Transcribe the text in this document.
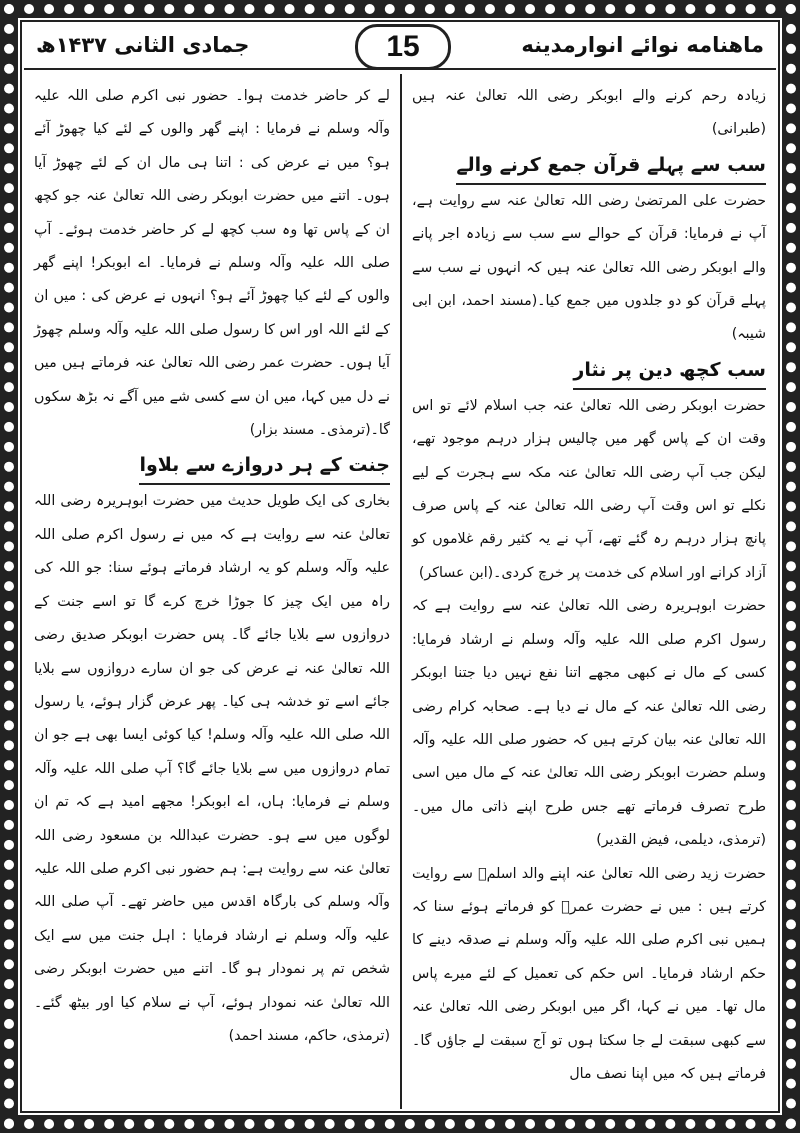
ماهنامه نوائے انوارمدینه
جمادی الثانی ۱۴۳۷ھ	15

زیادہ رحم کرنے والے ابوبکر رضی اللہ تعالیٰ عنہ ہیں (طبرانی)

سب سے پہلے قرآن جمع کرنے والے

حضرت علی المرتضیٰ رضی اللہ تعالیٰ عنہ سے روایت ہے، آپ نے فرمایا: قرآن کے حوالے سے سب سے زیادہ اجر پانے والے ابوبکر رضی اللہ تعالیٰ عنہ ہیں کہ انہوں نے سب سے پہلے قرآن کو دو جلدوں میں جمع کیا۔(مسند احمد، ابن ابی شیبہ)

سب کچھ دین پر نثار

حضرت ابوبکر رضی اللہ تعالیٰ عنہ جب اسلام لائے تو اس وقت ان کے پاس گھر میں چالیس ہزار درہم موجود تھے، لیکن جب آپ رضی اللہ تعالیٰ عنہ مکہ سے ہجرت کے لیے نکلے تو اس وقت آپ رضی اللہ تعالیٰ عنہ کے پاس صرف پانچ ہزار درہم رہ گئے تھے، آپ نے یہ کثیر رقم غلاموں کو آزاد کرانے اور اسلام کی خدمت پر خرچ کردی۔(ابن عساکر)

حضرت ابوہریرہ رضی اللہ تعالیٰ عنہ سے روایت ہے کہ رسول اکرم صلی اللہ علیہ وآلہ وسلم نے ارشاد فرمایا: کسی کے مال نے کبھی مجھے اتنا نفع نہیں دیا جتنا ابوبکر رضی اللہ تعالیٰ عنہ کے مال نے دیا ہے۔ صحابہ کرام رضی اللہ تعالیٰ عنہ بیان کرتے ہیں کہ حضور صلی اللہ علیہ وآلہ وسلم حضرت ابوبکر رضی اللہ تعالیٰ عنہ کے مال میں اسی طرح تصرف فرماتے تھے جس طرح اپنے ذاتی مال میں۔(ترمذی، دیلمی، فیض القدیر)

حضرت زید رضی اللہ تعالیٰ عنہ اپنے والد اسلمؓ سے روایت کرتے ہیں : میں نے حضرت عمرؓ کو فرماتے ہوئے سنا کہ ہمیں نبی اکرم صلی اللہ علیہ وآلہ وسلم نے صدقہ دینے کا حکم ارشاد فرمایا۔ اس حکم کی تعمیل کے لئے میرے پاس مال تھا۔ میں نے کہا، اگر میں ابوبکر رضی اللہ تعالیٰ عنہ سے کبھی سبقت لے جا سکتا ہوں تو آج سبقت لے جاؤں گا۔ فرماتے ہیں کہ میں اپنا نصف مال

لے کر حاضر خدمت ہوا۔ حضور نبی اکرم صلی اللہ علیہ وآلہ وسلم نے فرمایا : اپنے گھر والوں کے لئے کیا چھوڑ آئے ہو؟ میں نے عرض کی : اتنا ہی مال ان کے لئے چھوڑ آیا ہوں۔ اتنے میں حضرت ابوبکر رضی اللہ تعالیٰ عنہ جو کچھ ان کے پاس تھا وہ سب کچھ لے کر حاضر خدمت ہوئے۔ آپ صلی اللہ علیہ وآلہ وسلم نے فرمایا۔ اے ابوبکر! اپنے گھر والوں کے لئے کیا چھوڑ آئے ہو؟ انہوں نے عرض کی : میں ان کے لئے اللہ اور اس کا رسول صلی اللہ علیہ وآلہ وسلم چھوڑ آیا ہوں۔ حضرت عمر رضی اللہ تعالیٰ عنہ فرماتے ہیں میں نے دل میں کہا، میں ان سے کسی شے میں آگے نہ بڑھ سکوں گا۔(ترمذی۔ مسند بزار)

جنت کے ہر دروازے سے بلاوا

بخاری کی ایک طویل حدیث میں حضرت ابوہریرہ رضی اللہ تعالیٰ عنہ سے روایت ہے کہ میں نے رسول اکرم صلی اللہ علیہ وآلہ وسلم کو یہ ارشاد فرماتے ہوئے سنا: جو اللہ کی راہ میں ایک چیز کا جوڑا خرچ کرے گا تو اسے جنت کے دروازوں سے بلایا جائے گا۔ پس حضرت ابوبکر صدیق رضی اللہ تعالیٰ عنہ نے عرض کی جو ان سارے دروازوں سے بلایا جائے اسے تو خدشہ ہی کیا۔ پھر عرض گزار ہوئے، یا رسول اللہ صلی اللہ علیہ وآلہ وسلم! کیا کوئی ایسا بھی ہے جو ان تمام دروازوں میں سے بلایا جائے گا؟ آپ صلی اللہ علیہ وآلہ وسلم نے فرمایا: ہاں، اے ابوبکر! مجھے امید ہے کہ تم ان لوگوں میں سے ہو۔ حضرت عبداللہ بن مسعود رضی اللہ تعالیٰ عنہ سے روایت ہے: ہم حضور نبی اکرم صلی اللہ علیہ وآلہ وسلم کی بارگاہ اقدس میں حاضر تھے۔ آپ صلی اللہ علیہ وآلہ وسلم نے ارشاد فرمایا : اہل جنت میں سے ایک شخص تم پر نمودار ہو گا۔ اتنے میں حضرت ابوبکر رضی اللہ تعالیٰ عنہ نمودار ہوئے، آپ نے سلام کیا اور بیٹھ گئے۔(ترمذی، حاکم، مسند احمد)
